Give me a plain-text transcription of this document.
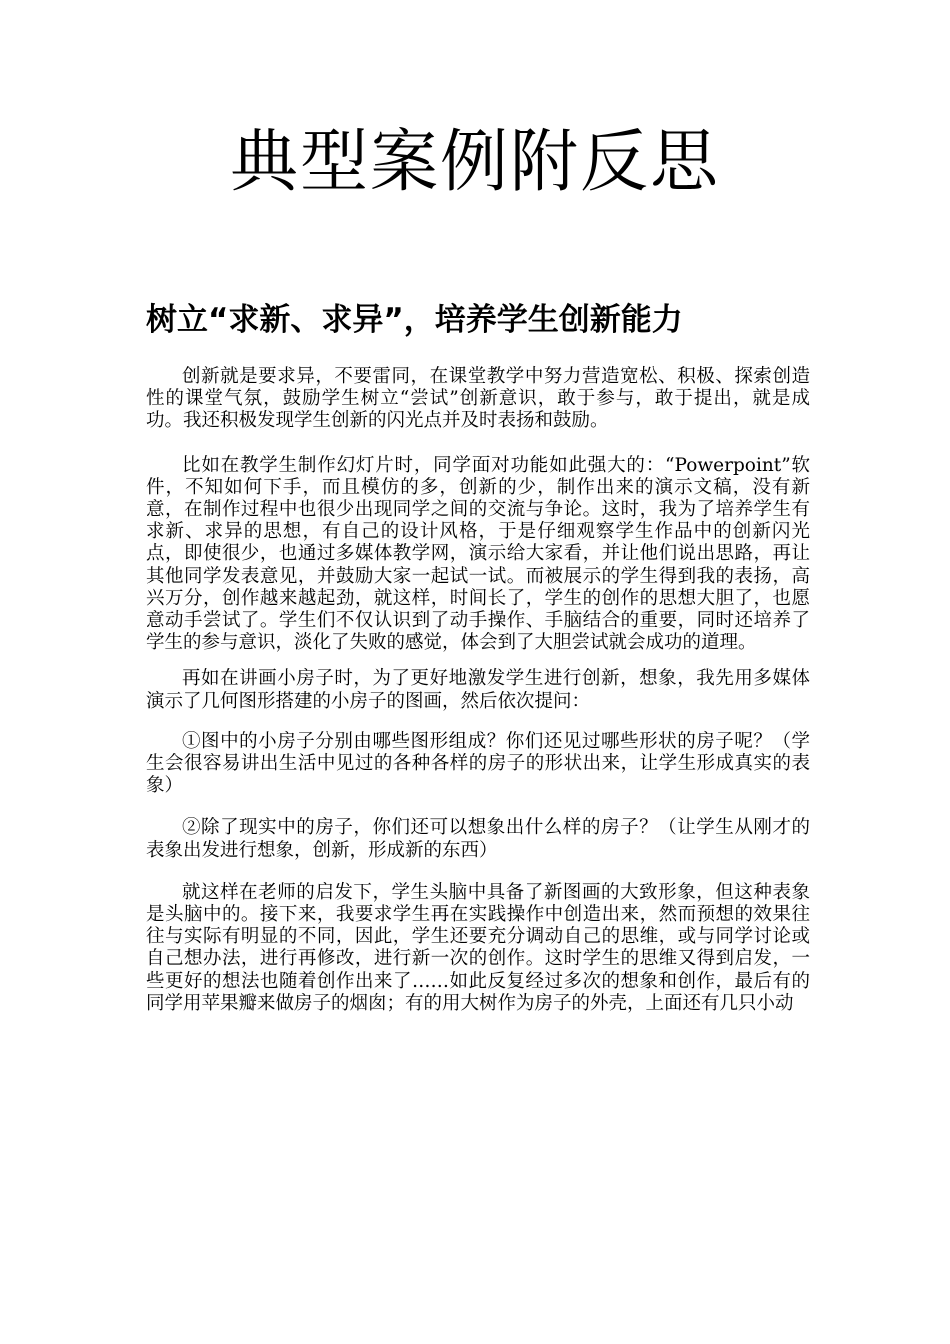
典型案例附反思
树立“求新、求异”，培养学生创新能力

创新就是要求异，不要雷同，在课堂教学中努力营造宽松、积极、探索创造性的课堂气氛，鼓励学生树立“尝试”创新意识，敢于参与，敢于提出，就是成功。我还积极发现学生创新的闪光点并及时表扬和鼓励。

比如在教学生制作幻灯片时，同学面对功能如此强大的：“Powerpoint”软件，不知如何下手，而且模仿的多，创新的少，制作出来的演示文稿，没有新意，在制作过程中也很少出现同学之间的交流与争论。这时，我为了培养学生有求新、求异的思想，有自己的设计风格，于是仔细观察学生作品中的创新闪光点，即使很少，也通过多媒体教学网，演示给大家看，并让他们说出思路，再让其他同学发表意见，并鼓励大家一起试一试。而被展示的学生得到我的表扬，高兴万分，创作越来越起劲，就这样，时间长了，学生的创作的思想大胆了，也愿意动手尝试了。学生们不仅认识到了动手操作、手脑结合的重要，同时还培养了学生的参与意识，淡化了失败的感觉，体会到了大胆尝试就会成功的道理。

再如在讲画小房子时，为了更好地激发学生进行创新，想象，我先用多媒体演示了几何图形搭建的小房子的图画，然后依次提问：

①图中的小房子分别由哪些图形组成？你们还见过哪些形状的房子呢？（学生会很容易讲出生活中见过的各种各样的房子的形状出来，让学生形成真实的表象）

②除了现实中的房子，你们还可以想象出什么样的房子？（让学生从刚才的表象出发进行想象，创新，形成新的东西）

就这样在老师的启发下，学生头脑中具备了新图画的大致形象，但这种表象是头脑中的。接下来，我要求学生再在实践操作中创造出来，然而预想的效果往往与实际有明显的不同，因此，学生还要充分调动自己的思维，或与同学讨论或自己想办法，进行再修改，进行新一次的创作。这时学生的思维又得到启发，一些更好的想法也随着创作出来了……如此反复经过多次的想象和创作，最后有的同学用苹果瓣来做房子的烟囱；有的用大树作为房子的外壳，上面还有几只小动
